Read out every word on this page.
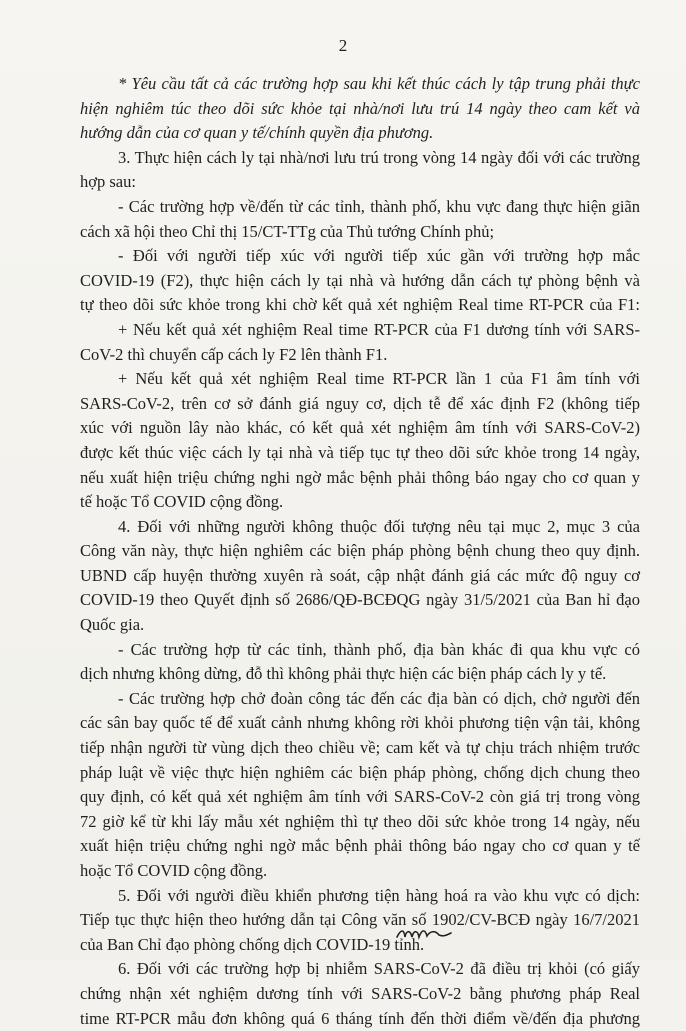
2
* Yêu cầu tất cả các trường hợp sau khi kết thúc cách ly tập trung phải thực
hiện nghiêm túc theo dõi sức khỏe tại nhà/nơi lưu trú 14 ngày theo cam kết và
hướng dẫn của cơ quan y tế/chính quyền địa phương.
3. Thực hiện cách ly tại nhà/nơi lưu trú trong vòng 14 ngày đối với các trường
hợp sau:
- Các trường hợp về/đến từ các tỉnh, thành phố, khu vực đang thực hiện giãn
cách xã hội theo Chỉ thị 15/CT-TTg của Thủ tướng Chính phủ;
- Đối với người tiếp xúc với người tiếp xúc gần với trường hợp mắc
COVID-19 (F2), thực hiện cách ly tại nhà và hướng dẫn cách tự phòng bệnh và
tự theo dõi sức khỏe trong khi chờ kết quả xét nghiệm Real time RT-PCR của F1:
+ Nếu kết quả xét nghiệm Real time RT-PCR của F1 dương tính với SARS-
CoV-2 thì chuyển cấp cách ly F2 lên thành F1.
+ Nếu kết quả xét nghiệm Real time RT-PCR lần 1 của F1 âm tính với
SARS-CoV-2, trên cơ sở đánh giá nguy cơ, dịch tễ để xác định F2 (không tiếp
xúc với nguồn lây nào khác, có kết quả xét nghiệm âm tính với SARS-CoV-2)
được kết thúc việc cách ly tại nhà và tiếp tục tự theo dõi sức khỏe trong 14 ngày,
nếu xuất hiện triệu chứng nghi ngờ mắc bệnh phải thông báo ngay cho cơ quan y
tế hoặc Tổ COVID cộng đồng.
4. Đối với những người không thuộc đối tượng nêu tại mục 2, mục 3 của
Công văn này, thực hiện nghiêm các biện pháp phòng bệnh chung theo quy định.
UBND cấp huyện thường xuyên rà soát, cập nhật đánh giá các mức độ nguy cơ
COVID-19 theo Quyết định số 2686/QĐ-BCĐQG ngày 31/5/2021 của Ban hỉ đạo
Quốc gia.
- Các trường hợp từ các tỉnh, thành phố, địa bàn khác đi qua khu vực có
dịch nhưng không dừng, đỗ thì không phải thực hiện các biện pháp cách ly y tế.
- Các trường hợp chở đoàn công tác đến các địa bàn có dịch, chở người đến
các sân bay quốc tế để xuất cảnh nhưng không rời khỏi phương tiện vận tải, không
tiếp nhận người từ vùng dịch theo chiều về; cam kết và tự chịu trách nhiệm trước
pháp luật về việc thực hiện nghiêm các biện pháp phòng, chống dịch chung theo
quy định, có kết quả xét nghiệm âm tính với SARS-CoV-2 còn giá trị trong vòng
72 giờ kể từ khi lấy mẫu xét nghiệm thì tự theo dõi sức khỏe trong 14 ngày, nếu
xuất hiện triệu chứng nghi ngờ mắc bệnh phải thông báo ngay cho cơ quan y tế
hoặc Tổ COVID cộng đồng.
5. Đối với người điều khiển phương tiện hàng hoá ra vào khu vực có dịch:
Tiếp tục thực hiện theo hướng dẫn tại Công văn số 1902/CV-BCĐ ngày 16/7/2021
của Ban Chỉ đạo phòng chống dịch COVID-19 tỉnh.
6. Đối với các trường hợp bị nhiễm SARS-CoV-2 đã điều trị khỏi (có giấy
chứng nhận xét nghiệm dương tính với SARS-CoV-2 bằng phương pháp Real
time RT-PCR mẫu đơn không quá 6 tháng tính đến thời điểm về/đến địa phương
